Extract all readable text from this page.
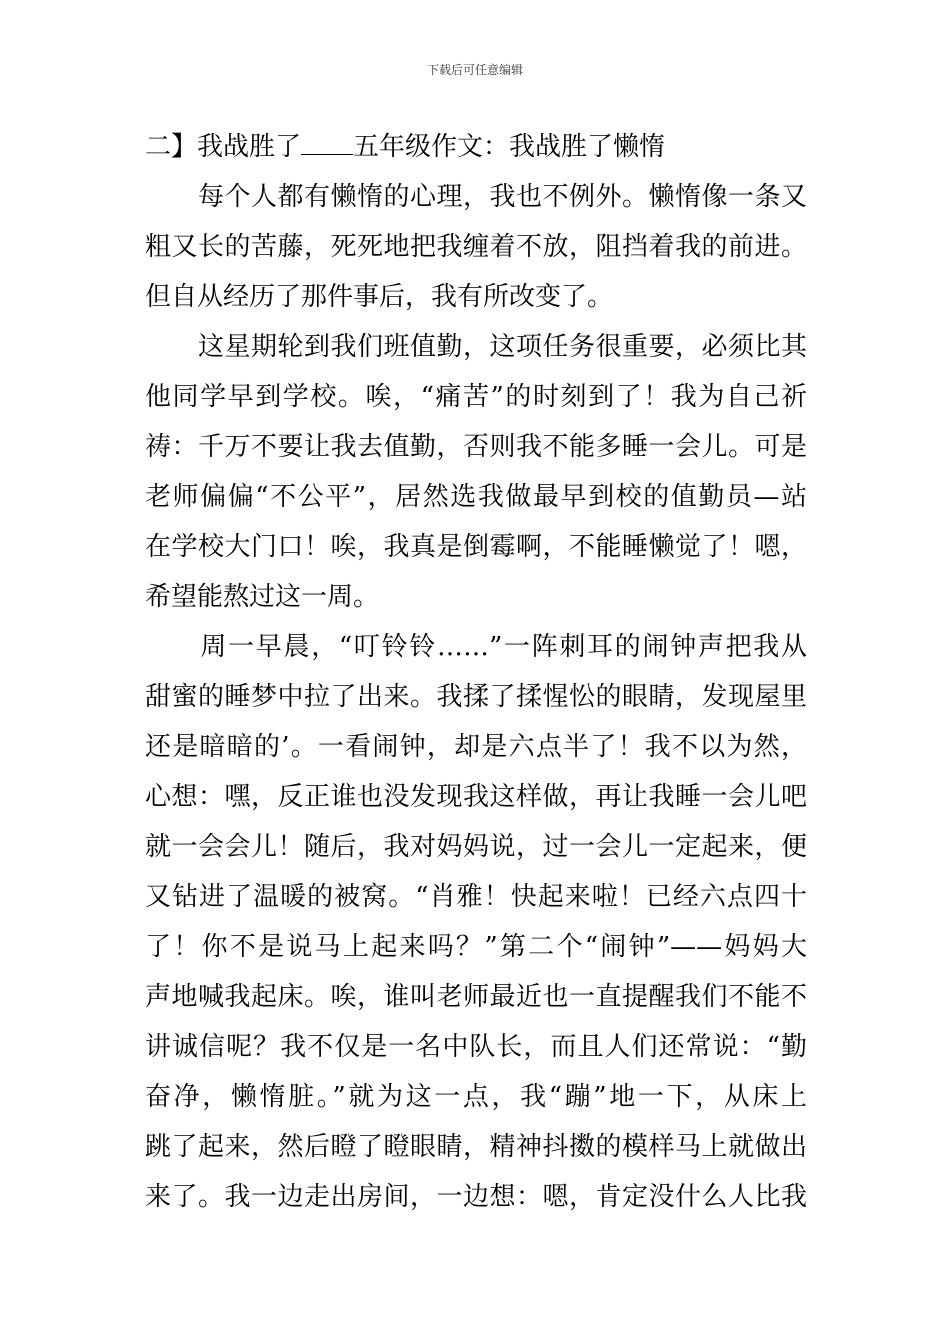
下载后可任意编辑
二】我战胜了 五年级作文：我战胜了懒惰
　　每个人都有懒惰的心理，我也不例外。懒惰像一条又
粗又长的苦藤，死死地把我缠着不放，阻挡着我的前进。
但自从经历了那件事后，我有所改变了。
　　这星期轮到我们班值勤，这项任务很重要，必须比其
他同学早到学校。唉，“痛苦”的时刻到了！我为自己祈
祷：千万不要让我去值勤，否则我不能多睡一会儿。可是
老师偏偏“不公平”，居然选我做最早到校的值勤员—站
在学校大门口！唉，我真是倒霉啊，不能睡懒觉了！嗯，
希望能熬过这一周。
　　周一早晨，“叮铃铃……”一阵刺耳的闹钟声把我从
甜蜜的睡梦中拉了出来。我揉了揉惺忪的眼睛，发现屋里
还是暗暗的’。一看闹钟，却是六点半了！我不以为然，
心想：嘿，反正谁也没发现我这样做，再让我睡一会儿吧
就一会会儿！随后，我对妈妈说，过一会儿一定起来，便
又钻进了温暖的被窝。“肖雅！快起来啦！已经六点四十
了！你不是说马上起来吗？”第二个“闹钟”——妈妈大
声地喊我起床。唉，谁叫老师最近也一直提醒我们不能不
讲诚信呢？我不仅是一名中队长，而且人们还常说：“勤
奋净，懒惰脏。”就为这一点，我“蹦”地一下，从床上
跳了起来，然后瞪了瞪眼睛，精神抖擞的模样马上就做出
来了。我一边走出房间，一边想：嗯，肯定没什么人比我
